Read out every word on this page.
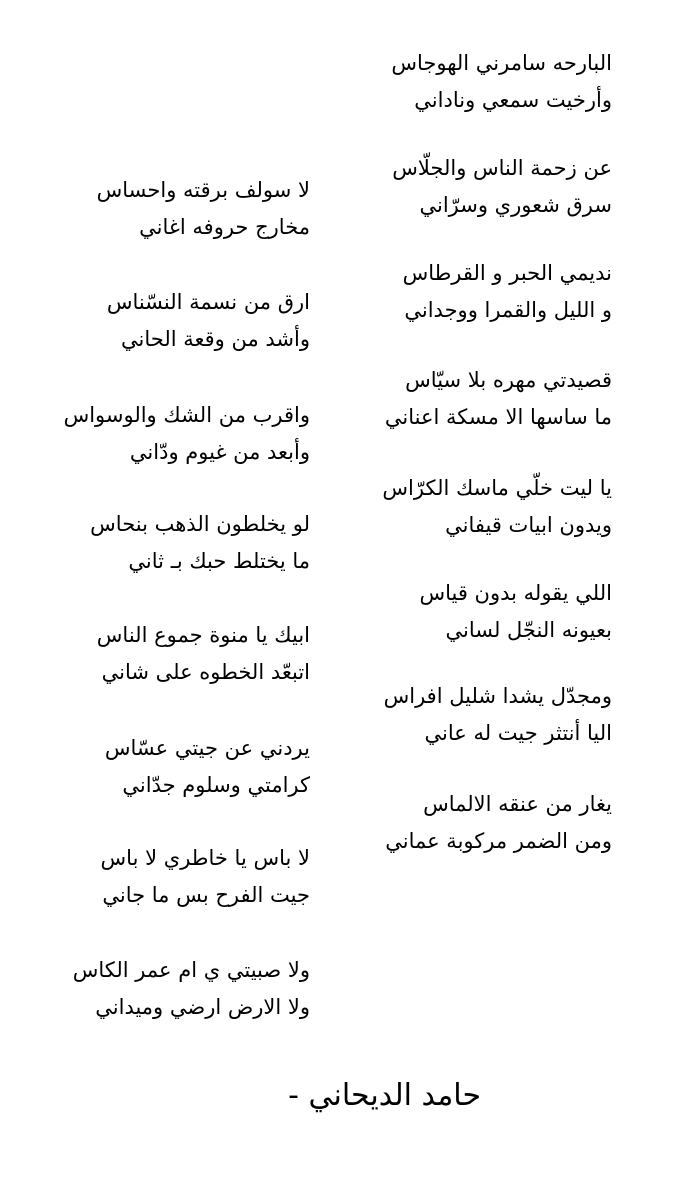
البارحه سامرني الهوجاس
وأرخيت سمعي وناداني
عن زحمة الناس والجلّاس
سرق شعوري وسرّاني
نديمي الحبر و القرطاس
و الليل والقمرا ووجداني
قصيدتي مهره بلا سيّاس
ما ساسها الا مسكة اعناني
يا ليت خلّي ماسك الكرّاس
ويدون ابيات قيفاني
اللي يقوله بدون قياس
بعيونه النجّل لساني
ومجدّل يشدا شليل افراس
اليا أنتثر جيت له عاني
يغار من عنقه الالماس
ومن الضمر مركوبة عماني
لا سولف برقته واحساس
مخارج حروفه اغاني
ارق من نسمة النسّناس
وأشد من وقعة الحاني
واقرب من الشك والوسواس
وأبعد من غيوم ودّاني
لو يخلطون الذهب بنحاس
ما يختلط حبك بـ ثاني
ابيك يا منوة جموع الناس
اتبعّد الخطوه على شاني
يردني عن جيتي عسّاس
كرامتي وسلوم جدّاني
لا باس يا خاطري لا باس
جيت الفرح بس ما جاني
ولا صبيتي ي ام عمر الكاس
ولا الارض ارضي وميداني
حامد الديحاني -
